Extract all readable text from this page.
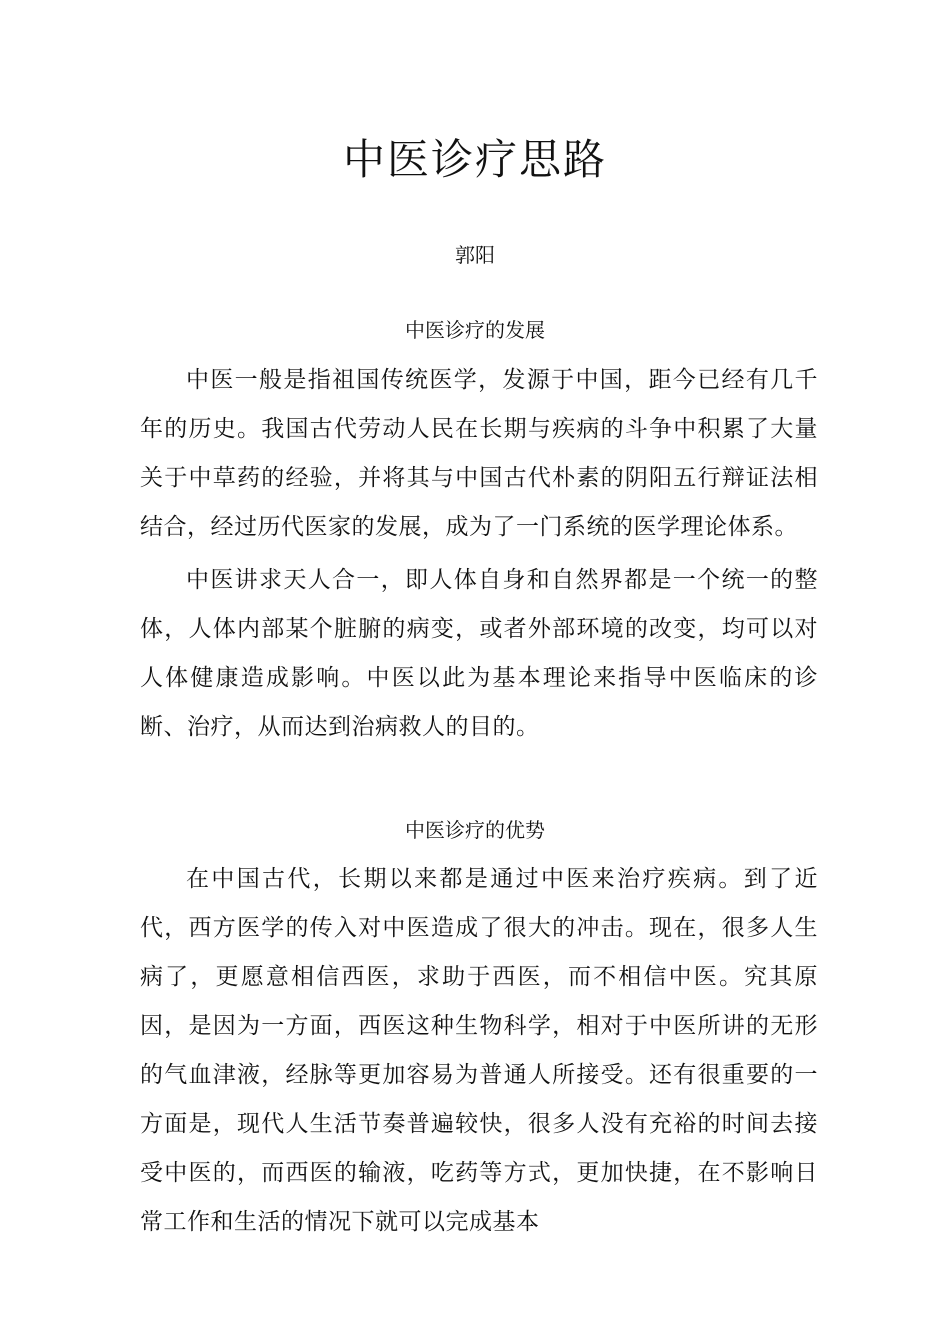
中医诊疗思路
郭阳
中医诊疗的发展

中医一般是指祖国传统医学，发源于中国，距今已经有几千年的历史。我国古代劳动人民在长期与疾病的斗争中积累了大量关于中草药的经验，并将其与中国古代朴素的阴阳五行辩证法相结合，经过历代医家的发展，成为了一门系统的医学理论体系。

中医讲求天人合一，即人体自身和自然界都是一个统一的整体，人体内部某个脏腑的病变，或者外部环境的改变，均可以对人体健康造成影响。中医以此为基本理论来指导中医临床的诊断、治疗，从而达到治病救人的目的。

中医诊疗的优势

在中国古代，长期以来都是通过中医来治疗疾病。到了近代，西方医学的传入对中医造成了很大的冲击。现在，很多人生病了，更愿意相信西医，求助于西医，而不相信中医。究其原因，是因为一方面，西医这种生物科学，相对于中医所讲的无形的气血津液，经脉等更加容易为普通人所接受。还有很重要的一方面是，现代人生活节奏普遍较快，很多人没有充裕的时间去接受中医的，而西医的输液，吃药等方式，更加快捷，在不影响日常工作和生活的情况下就可以完成基本
